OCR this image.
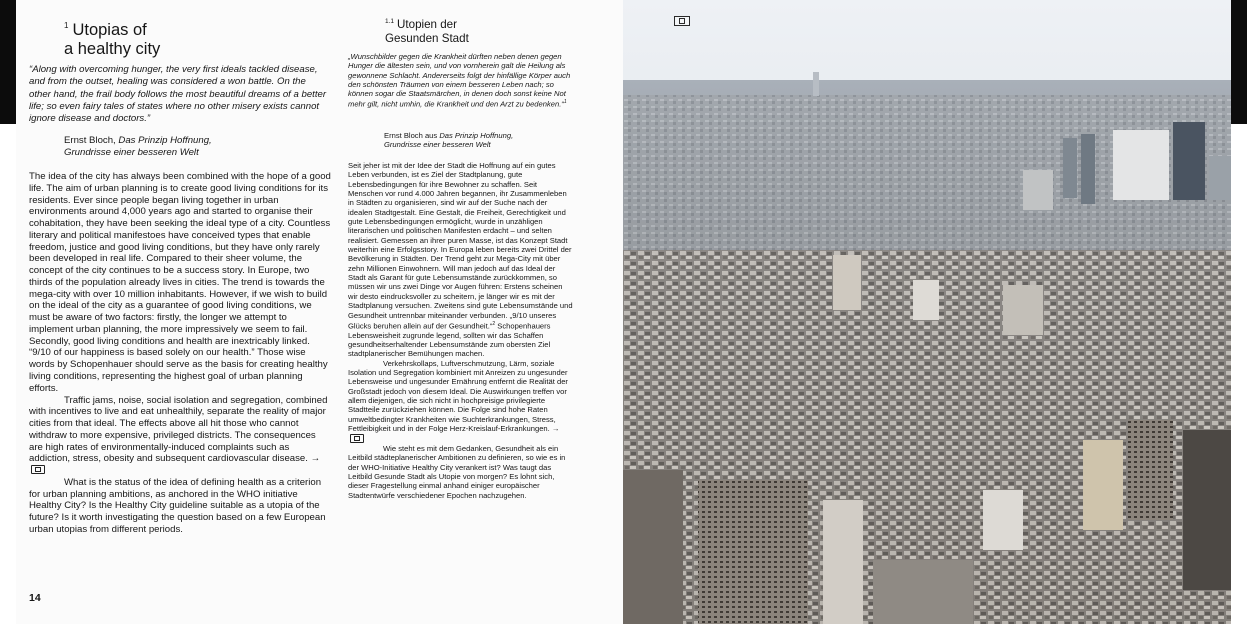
$^1$ Utopias of
a healthy city
“Along with overcoming hunger, the very first ideals tackled disease, and from the outset, healing was considered a won battle. On the other hand, the frail body follows the most beautiful dreams of a better life; so even fairy tales of states where no other misery exists cannot ignore disease and doctors.”
Ernst Bloch, Das Prinzip Hoffnung,
Grundrisse einer besseren Welt

The idea of the city has always been combined with the hope of a good life. The aim of urban planning is to create good living conditions for its residents. Ever since people began living together in urban environments around 4,000 years ago and started to organise their cohabitation, they have been seeking the ideal type of a city. Countless literary and political manifestoes have conceived types that enable freedom, justice and good living conditions, but they have only rarely been developed in real life. Compared to their sheer volume, the concept of the city continues to be a success story. In Europe, two thirds of the population already lives in cities. The trend is towards the mega-city with over 10 million inhabitants. However, if we wish to build on the ideal of the city as a guarantee of good living conditions, we must be aware of two factors: firstly, the longer we attempt to implement urban planning, the more impressively we seem to fail. Secondly, good living conditions and health are inextricably linked. “9/10 of our happiness is based solely on our health.” Those wise words by Schopenhauer should serve as the basis for creating healthy living conditions, representing the highest goal of urban planning efforts.

Traffic jams, noise, social isolation and segregation, combined with incentives to live and eat unhealthily, separate the reality of major cities from that ideal. The effects above all hit those who cannot withdraw to more expensive, privileged districts. The consequences are high rates of environmentally-induced complaints such as addiction, stress, obesity and subsequent cardiovascular disease. →

What is the status of the idea of defining health as a criterion for urban planning ambitions, as anchored in the WHO initiative Healthy City? Is the Healthy City guideline suitable as a utopia of the future? Is it worth investigating the question based on a few European urban utopias from different periods.

$^{1.1}$ Utopien der
Gesunden Stadt
„Wunschbilder gegen die Krankheit dürften neben denen gegen Hunger die ältesten sein, und von vornherein galt die Heilung als gewonnene Schlacht. Andererseits folgt der hinfällige Körper auch den schönsten Träumen von einem besseren Leben nach; so können sogar die Staatsmärchen, in denen doch sonst keine Not mehr gilt, nicht umhin, die Krankheit und den Arzt zu bedenken.“$^1$
Ernst Bloch aus Das Prinzip Hoffnung,
Grundrisse einer besseren Welt

Seit jeher ist mit der Idee der Stadt die Hoffnung auf ein gutes Leben verbunden, ist es Ziel der Stadtplanung, gute Lebensbedingungen für ihre Bewohner zu schaffen. Seit Menschen vor rund 4.000 Jahren begannen, ihr Zusammenleben in Städten zu organisieren, sind wir auf der Suche nach der idealen Stadtgestalt. Eine Gestalt, die Freiheit, Gerechtigkeit und gute Lebensbedingungen ermöglicht, wurde in unzähligen literarischen und politischen Manifesten erdacht – und selten realisiert. Gemessen an ihrer puren Masse, ist das Konzept Stadt weiterhin eine Erfolgsstory. In Europa leben bereits zwei Drittel der Bevölkerung in Städten. Der Trend geht zur Mega-City mit über zehn Millionen Einwohnern. Will man jedoch auf das Ideal der Stadt als Garant für gute Lebensumstände zurückkommen, so müssen wir uns zwei Dinge vor Augen führen: Erstens scheinen wir desto eindrucksvoller zu scheitern, je länger wir es mit der Stadtplanung versuchen. Zweitens sind gute Lebensumstände und Gesundheit untrennbar miteinander verbunden. „9/10 unseres Glücks beruhen allein auf der Gesundheit.“$^2$ Schopenhauers Lebensweisheit zugrunde legend, sollten wir das Schaffen gesundheitserhaltender Lebensumstände zum obersten Ziel stadtplanerischer Bemühungen machen.

Verkehrskollaps, Luftverschmutzung, Lärm, soziale Isolation und Segregation kombiniert mit Anreizen zu ungesunder Lebensweise und ungesunder Ernährung entfernt die Realität der Großstadt jedoch von diesem Ideal. Die Auswirkungen treffen vor allem diejenigen, die sich nicht in hochpreisige privilegierte Stadtteile zurückziehen können. Die Folge sind hohe Raten umweltbedingter Krankheiten wie Suchterkrankungen, Stress, Fettleibigkeit und in der Folge Herz-Kreislauf-Erkrankungen. →

Wie steht es mit dem Gedanken, Gesundheit als ein Leitbild städteplanerischer Ambitionen zu definieren, so wie es in der WHO-Initiative Healthy City verankert ist? Was taugt das Leitbild Gesunde Stadt als Utopie von morgen? Es lohnt sich, dieser Fragestellung einmal anhand einiger europäischer Stadtentwürfe verschiedener Epochen nachzugehen.

14
